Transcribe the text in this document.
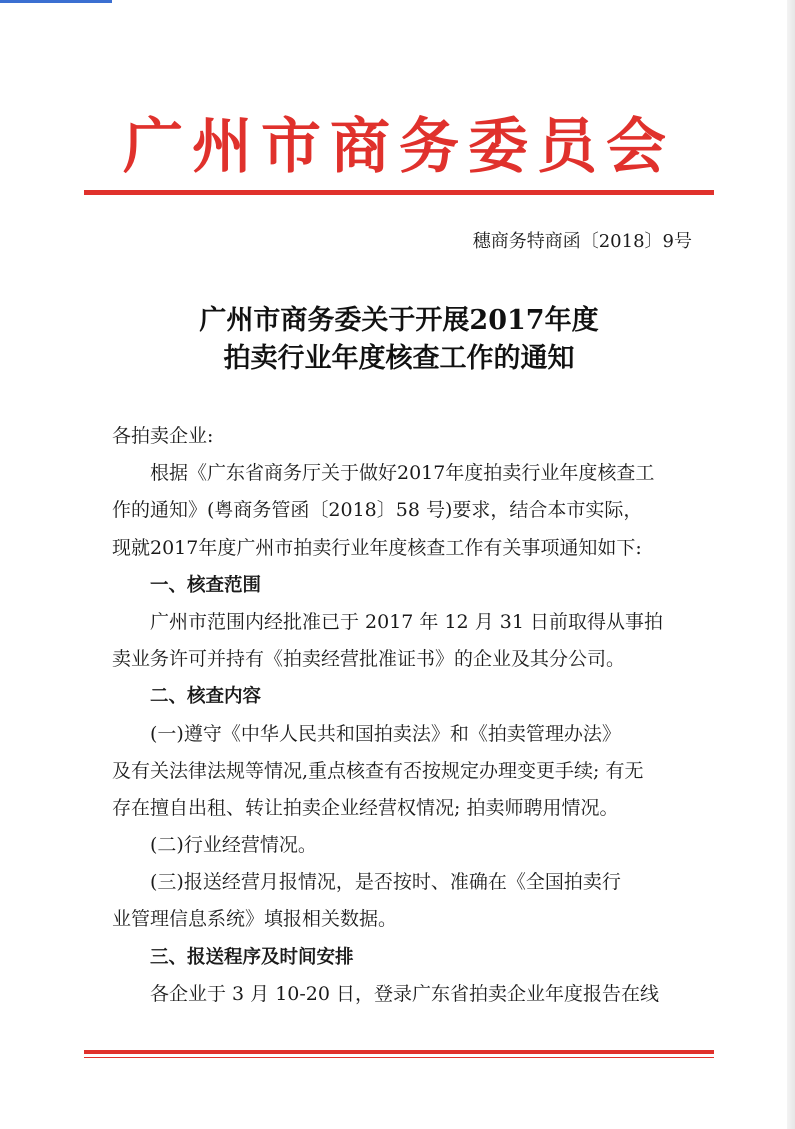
广州市商务委员会
穗商务特商函〔2018〕9号
广州市商务委关于开展2017年度
拍卖行业年度核查工作的通知
各拍卖企业:
根据《广东省商务厅关于做好2017年度拍卖行业年度核查工
作的通知》(粤商务管函〔2018〕58 号)要求，结合本市实际，
现就2017年度广州市拍卖行业年度核查工作有关事项通知如下:
一、核查范围
广州市范围内经批准已于 2017 年 12 月 31 日前取得从事拍
卖业务许可并持有《拍卖经营批准证书》的企业及其分公司。
二、核查内容
(一)遵守《中华人民共和国拍卖法》和《拍卖管理办法》
及有关法律法规等情况,重点核查有否按规定办理变更手续; 有无
存在擅自出租、转让拍卖企业经营权情况; 拍卖师聘用情况。
(二)行业经营情况。
(三)报送经营月报情况，是否按时、准确在《全国拍卖行
业管理信息系统》填报相关数据。
三、报送程序及时间安排
各企业于 3 月 10-20 日，登录广东省拍卖企业年度报告在线
